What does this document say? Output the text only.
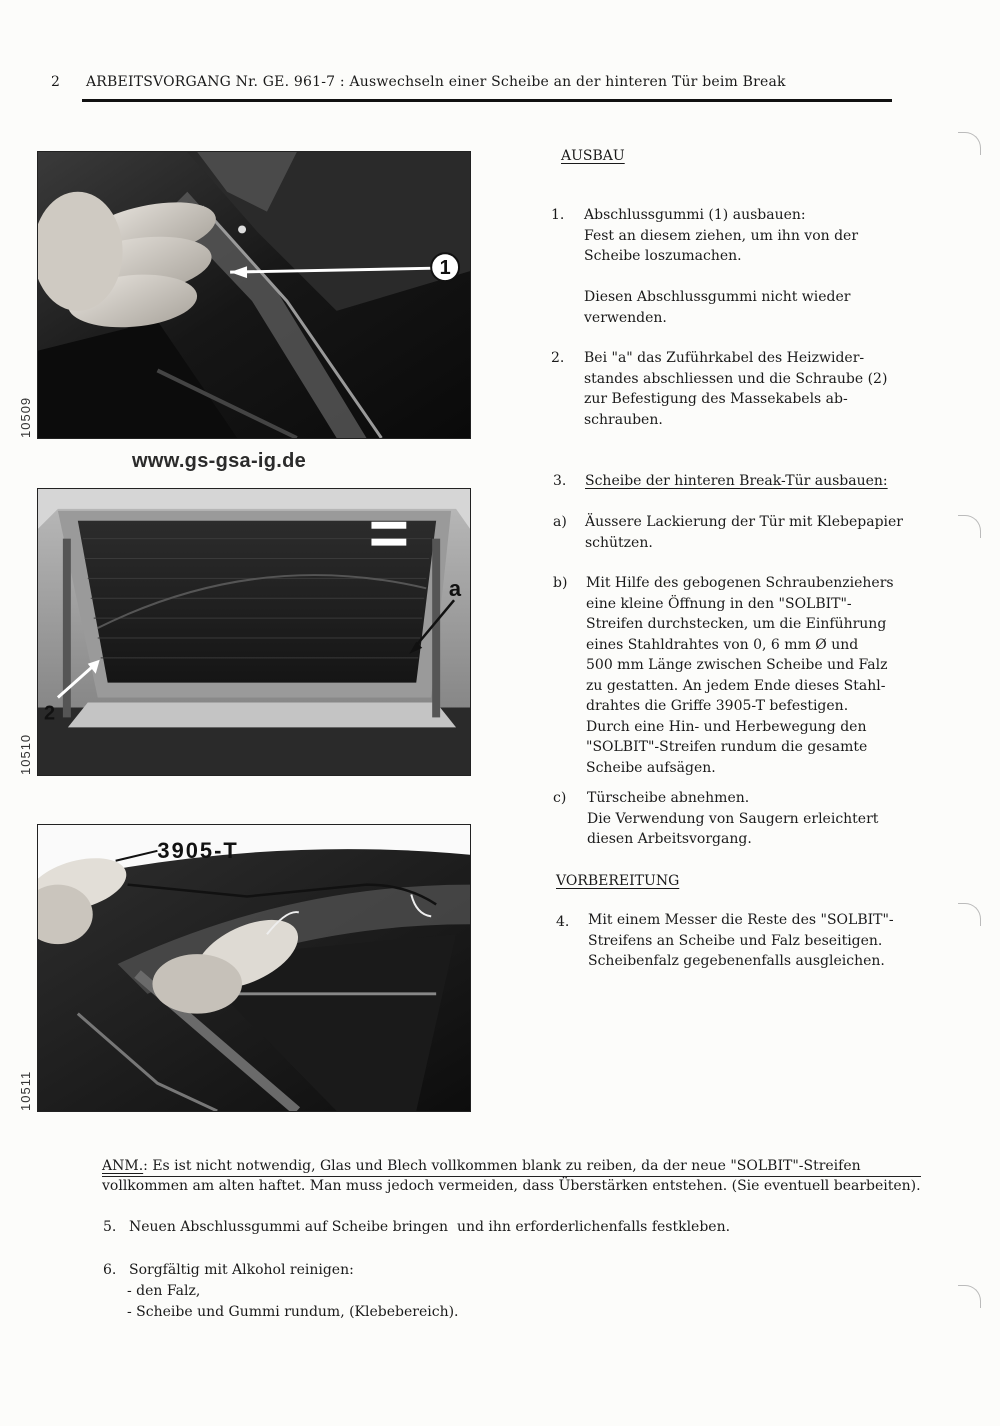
2 ARBEITSVORGANG Nr. GE. 961-7 : Auswechseln einer Scheibe an der hinteren Tür beim Break
1
10509
www.gs-gsa-ig.de
a
2
10510
3905-T
10511
AUSBAU
1. Abschlussgummi (1) ausbauen:
Fest an diesem ziehen, um ihn von der
Scheibe loszumachen.
Diesen Abschlussgummi nicht wieder
verwenden.
2. Bei "a" das Zuführkabel des Heizwider-
standes abschliessen und die Schraube (2)
zur Befestigung des Massekabels ab-
schrauben.
3. Scheibe der hinteren Break-Tür ausbauen:
a) Äussere Lackierung der Tür mit Klebepapier
schützen.
b) Mit Hilfe des gebogenen Schraubenziehers
eine kleine Öffnung in den "SOLBIT"-
Streifen durchstecken, um die Einführung
eines Stahldrahtes von 0, 6 mm Ø und
500 mm Länge zwischen Scheibe und Falz
zu gestatten. An jedem Ende dieses Stahl-
drahtes die Griffe 3905-T befestigen.
Durch eine Hin- und Herbewegung den
"SOLBIT"-Streifen rundum die gesamte
Scheibe aufsägen.
c) Türscheibe abnehmen.
Die Verwendung von Saugern erleichtert
diesen Arbeitsvorgang.
VORBEREITUNG
4. Mit einem Messer die Reste des "SOLBIT"-
Streifens an Scheibe und Falz beseitigen.
Scheibenfalz gegebenenfalls ausgleichen.
ANM.: Es ist nicht notwendig, Glas und Blech vollkommen blank zu reiben, da der neue "SOLBIT"-Streifen
vollkommen am alten haftet. Man muss jedoch vermeiden, dass Überstärken entstehen. (Sie eventuell bearbeiten).
5. Neuen Abschlussgummi auf Scheibe bringen  und ihn erforderlichenfalls festkleben.
6. Sorgfältig mit Alkohol reinigen:
- den Falz,
- Scheibe und Gummi rundum, (Klebebereich).
